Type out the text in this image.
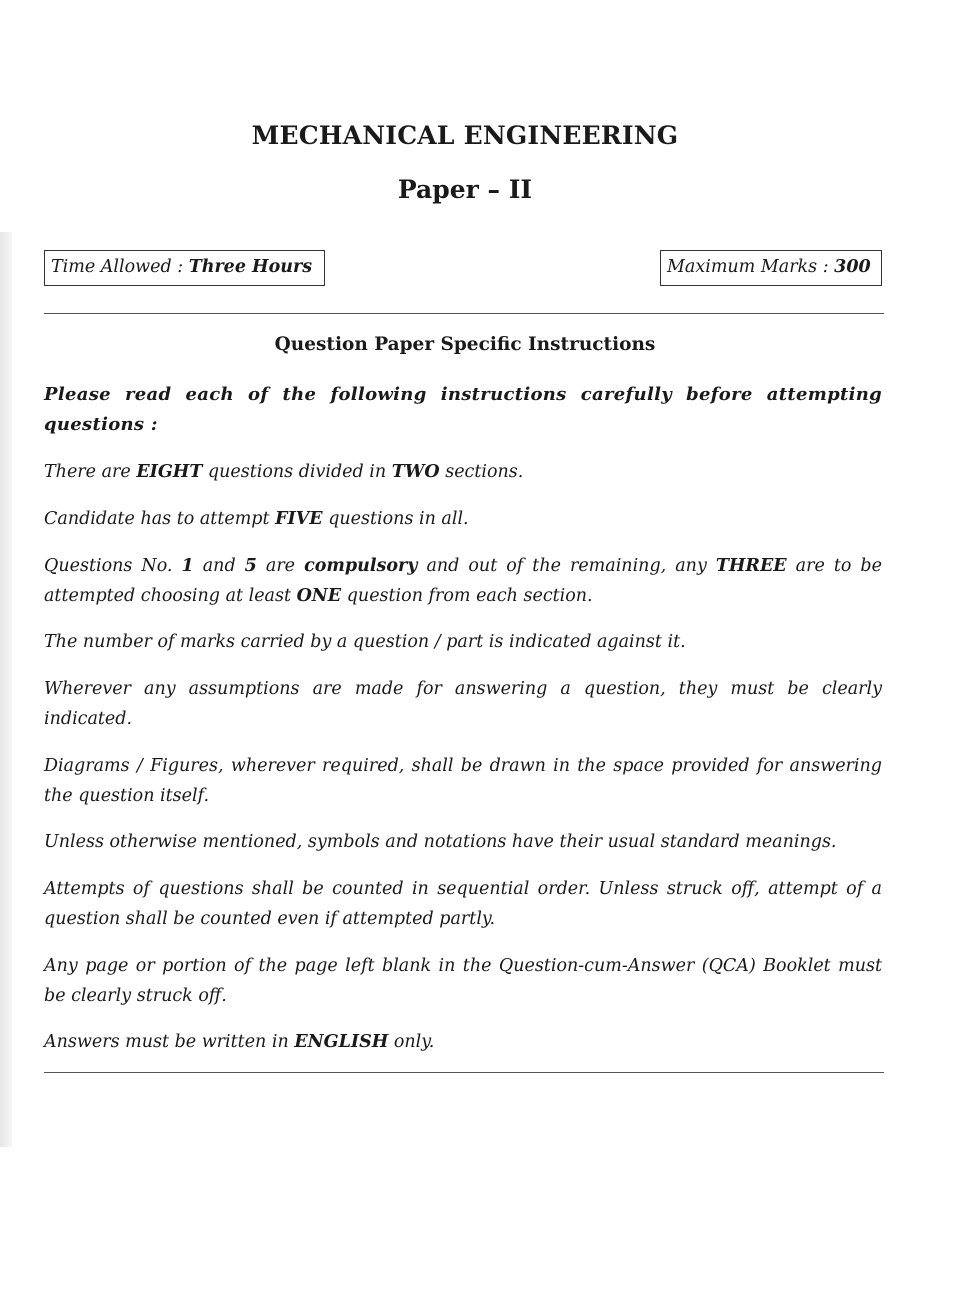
MECHANICAL ENGINEERING
Paper – II
Time Allowed : Three Hours	Maximum Marks : 300
Question Paper Specific Instructions
Please read each of the following instructions carefully before attempting questions :
There are EIGHT questions divided in TWO sections.
Candidate has to attempt FIVE questions in all.
Questions No. 1 and 5 are compulsory and out of the remaining, any THREE are to be attempted choosing at least ONE question from each section.
The number of marks carried by a question / part is indicated against it.
Wherever any assumptions are made for answering a question, they must be clearly indicated.
Diagrams / Figures, wherever required, shall be drawn in the space provided for answering the question itself.
Unless otherwise mentioned, symbols and notations have their usual standard meanings.
Attempts of questions shall be counted in sequential order. Unless struck off, attempt of a question shall be counted even if attempted partly.
Any page or portion of the page left blank in the Question-cum-Answer (QCA) Booklet must be clearly struck off.
Answers must be written in ENGLISH only.
